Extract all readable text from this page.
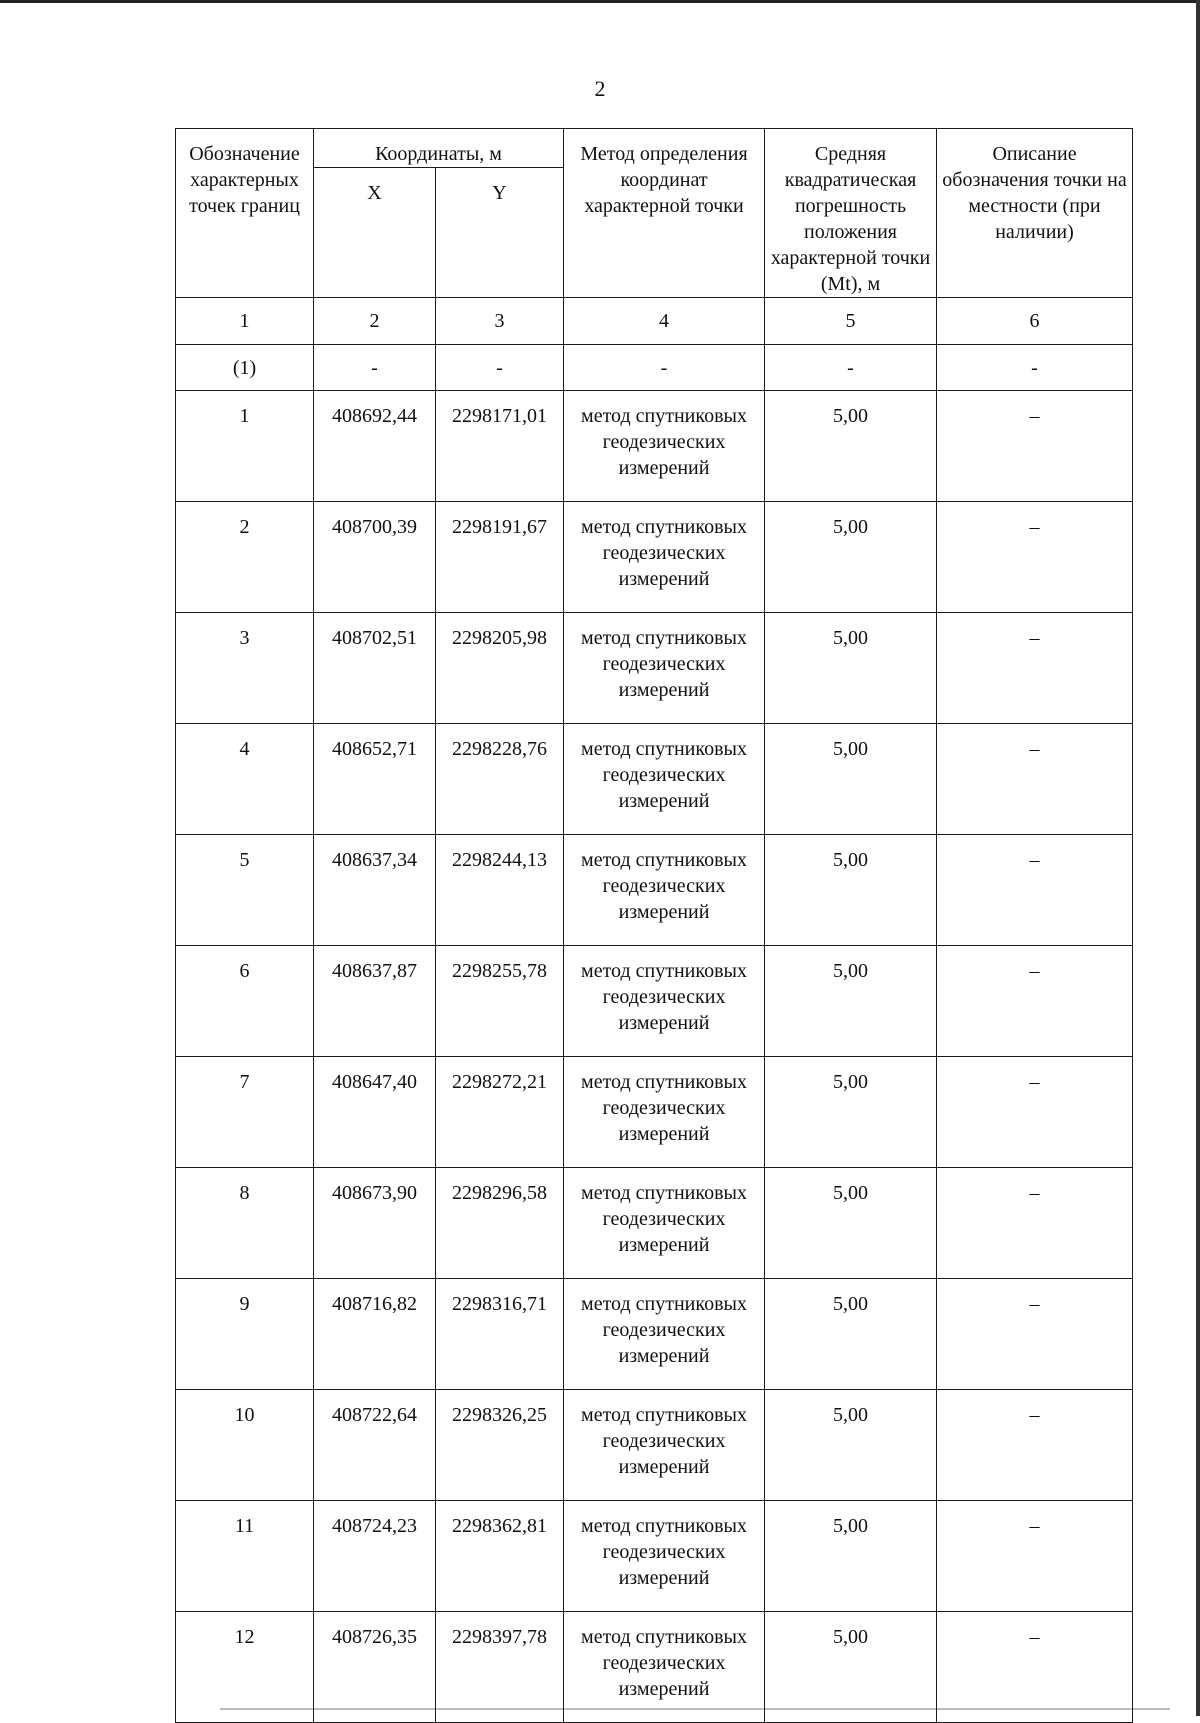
2
Обозначение характерных точек границ	Координаты, м		Метод определения координат характерной точки	Средняя квадратическая погрешность положения характерной точки (Mt), м	Описание обозначения точки на местности (при наличии)
	X	Y			
1	2	3	4	5	6
(1)	-	-	-	-	-
1	408692,44	2298171,01	метод спутниковых геодезических измерений	5,00	–
2	408700,39	2298191,67	метод спутниковых геодезических измерений	5,00	–
3	408702,51	2298205,98	метод спутниковых геодезических измерений	5,00	–
4	408652,71	2298228,76	метод спутниковых геодезических измерений	5,00	–
5	408637,34	2298244,13	метод спутниковых геодезических измерений	5,00	–
6	408637,87	2298255,78	метод спутниковых геодезических измерений	5,00	–
7	408647,40	2298272,21	метод спутниковых геодезических измерений	5,00	–
8	408673,90	2298296,58	метод спутниковых геодезических измерений	5,00	–
9	408716,82	2298316,71	метод спутниковых геодезических измерений	5,00	–
10	408722,64	2298326,25	метод спутниковых геодезических измерений	5,00	–
11	408724,23	2298362,81	метод спутниковых геодезических измерений	5,00	–
12	408726,35	2298397,78	метод спутниковых геодезических измерений	5,00	–
